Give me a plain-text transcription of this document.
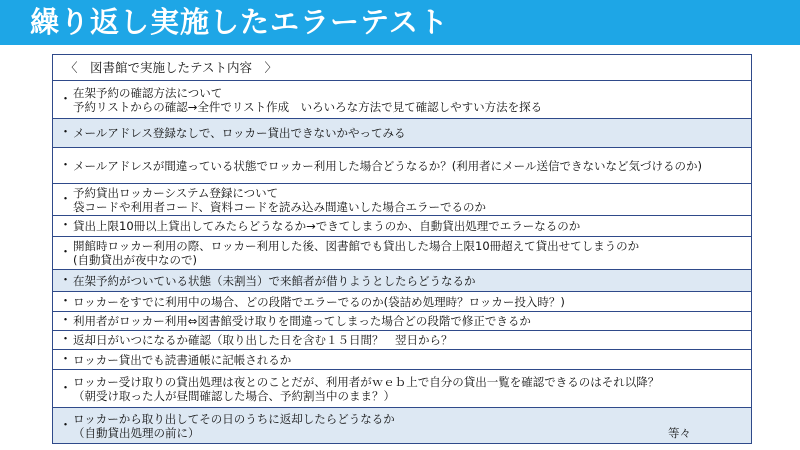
繰り返し実施したエラーテスト
〈　図書館で実施したテスト内容　〉
・ 在架予約の確認方法について
予約リストからの確認→全件でリスト作成　いろいろな方法で見て確認しやすい方法を探る
・ メールアドレス登録なしで、ロッカー貸出できないかやってみる
・ メールアドレスが間違っている状態でロッカー利用した場合どうなるか？(利用者にメール送信できないなど気づけるのか)
・ 予約貸出ロッカーシステム登録について
袋コードや利用者コード、資料コードを読み込み間違いした場合エラーでるのか
・ 貸出上限10冊以上貸出してみたらどうなるか→できてしまうのか、自動貸出処理でエラーなるのか
・ 開館時ロッカー利用の際、ロッカー利用した後、図書館でも貸出した場合上限10冊超えて貸出せてしまうのか
(自動貸出が夜中なので)
・ 在架予約がついている状態（未割当）で来館者が借りようとしたらどうなるか
・ ロッカーをすでに利用中の場合、どの段階でエラーでるのか(袋詰め処理時？ロッカー投入時？)
・ 利用者がロッカー利用⇔図書館受け取りを間違ってしまった場合どの段階で修正できるか
・ 返却日がいつになるか確認（取り出した日を含む１５日間？　翌日から？
・ ロッカー貸出でも読書通帳に記帳されるか
・ ロッカー受け取りの貸出処理は夜とのことだが、利用者がｗｅｂ上で自分の貸出一覧を確認できるのはそれ以降？
（朝受け取った人が昼間確認した場合、予約割当中のまま？）
・ ロッカーから取り出してその日のうちに返却したらどうなるか
（自動貸出処理の前に）	等々
